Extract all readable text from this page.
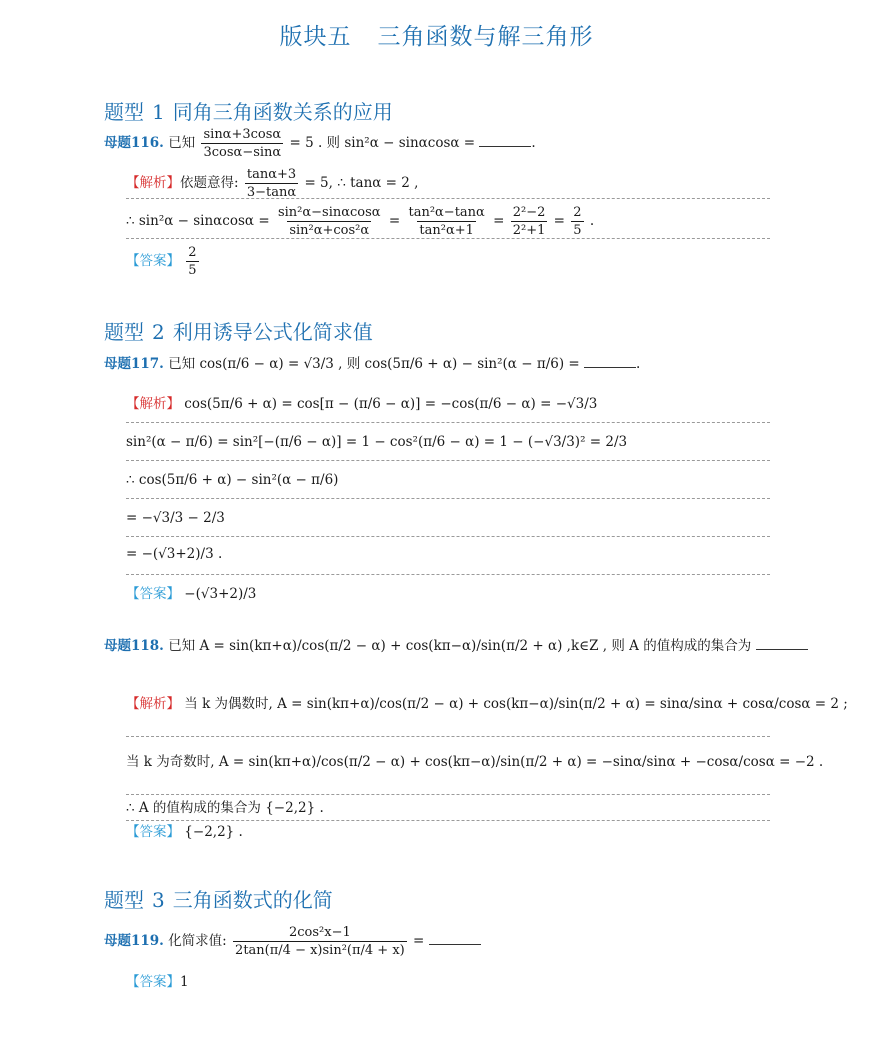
版块五 三角函数与解三角形
题型 1 同角三角函数关系的应用
母题116. 已知 $\frac{\sin\alpha+3\cos\alpha}{3\cos\alpha-\sin\alpha} = 5$ . 则 sin²α − sinαcosα =	.
【解析】依题意得: $\frac{\tan\alpha+3}{3-\tan\alpha} = 5$, ∴ tanα = 2 ,
∴ $\sin^2\alpha - \sin\alpha\cos\alpha = \frac{\text{sin²α−sinαcosα}}{\text{sin²α+cos²α}} = \frac{\text{tan²α−tanα}}{\text{tan²α+1}} = \frac{\text{2²−2}}{\text{2²+1}} = \frac{2}{5}$ .
【答案】 $\frac{2}{5}$
题型 2 利用诱导公式化简求值
母题117. 已知 cos(π/6 − α) = √3/3 , 则 cos(5π/6 + α) − sin²(α − π/6) =	.
【解析】 cos(5π/6 + α) = cos[π − (π/6 − α)] = −cos(π/6 − α) = −√3/3
sin²(α − π/6) = sin²[−(π/6 − α)] = 1 − cos²(π/6 − α) = 1 − (−√3/3)² = 2/3
∴ cos(5π/6 + α) − sin²(α − π/6)
= −√3/3 − 2/3
= −(√3+2)/3 .
【答案】 −(√3+2)/3
母题118. 已知 A = sin(kπ+α)/cos(π/2 − α) + cos(kπ−α)/sin(π/2 + α) ,k∈Z , 则 A 的值构成的集合为
【解析】 当 k 为偶数时, A = sin(kπ+α)/cos(π/2 − α) + cos(kπ−α)/sin(π/2 + α) = sinα/sinα + cosα/cosα = 2 ;
当 k 为奇数时, A = sin(kπ+α)/cos(π/2 − α) + cos(kπ−α)/sin(π/2 + α) = −sinα/sinα + −cosα/cosα = −2 .
∴ A 的值构成的集合为 {−2,2} .
【答案】 {−2,2} .
题型 3 三角函数式的化简
母题119. 化简求值: $\frac{\text{2cos²x−1}}{\text{2tan(π/4 − x)sin²(π/4 + x)}}$ =
【答案】1
